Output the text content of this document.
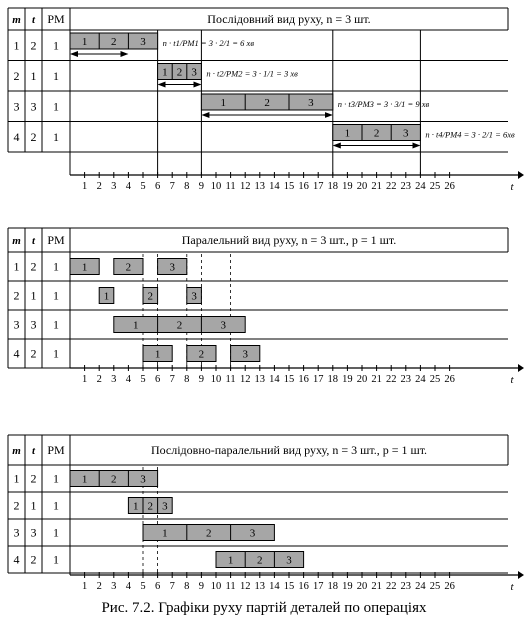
m t РМ	Послідовний вид руху, n = 3 шт.
1 2 1
2 1 1
3 3 1
4 2 1
1 2 3 n · t1/PM1 = 3 · 2/1 = 6 хв
1 2 3 n · t2/PM2 = 3 · 1/1 = 3 хв
1	2	3	n · t3/PM3 = 3 · 3/1 = 9 хв
1 2 3 n · t4/PM4 = 3 · 2/1 = 6хв
1 2 3 4 5 6 7 8 9 10 11 12 13 14 15 16 17 18 19 20 21 22 23 24 25 26	t
m t РМ	Паралельний вид руху, n = 3 шт., p = 1 шт.
1 2 1
2 1 1
3 3 1
4 2 1
1	2	3
1	2	3
1	2	3
1	2	3
1 2 3 4 5 6 7 8 9 10 11 12 13 14 15 16 17 18 19 20 21 22 23 24 25 26	t
m t РМ	Послідовно-паралельний вид руху, n = 3 шт., p = 1 шт.
1 2 1
2 1 1
3 3 1
4 2 1
1 2 3
1 2 3
1	2	3
1 2 3
1 2 3 4 5 6 7 8 9 10 11 12 13 14 15 16 17 18 19 20 21 22 23 24 25 26	t
Рис. 7.2. Графіки руху партій деталей по операціях
